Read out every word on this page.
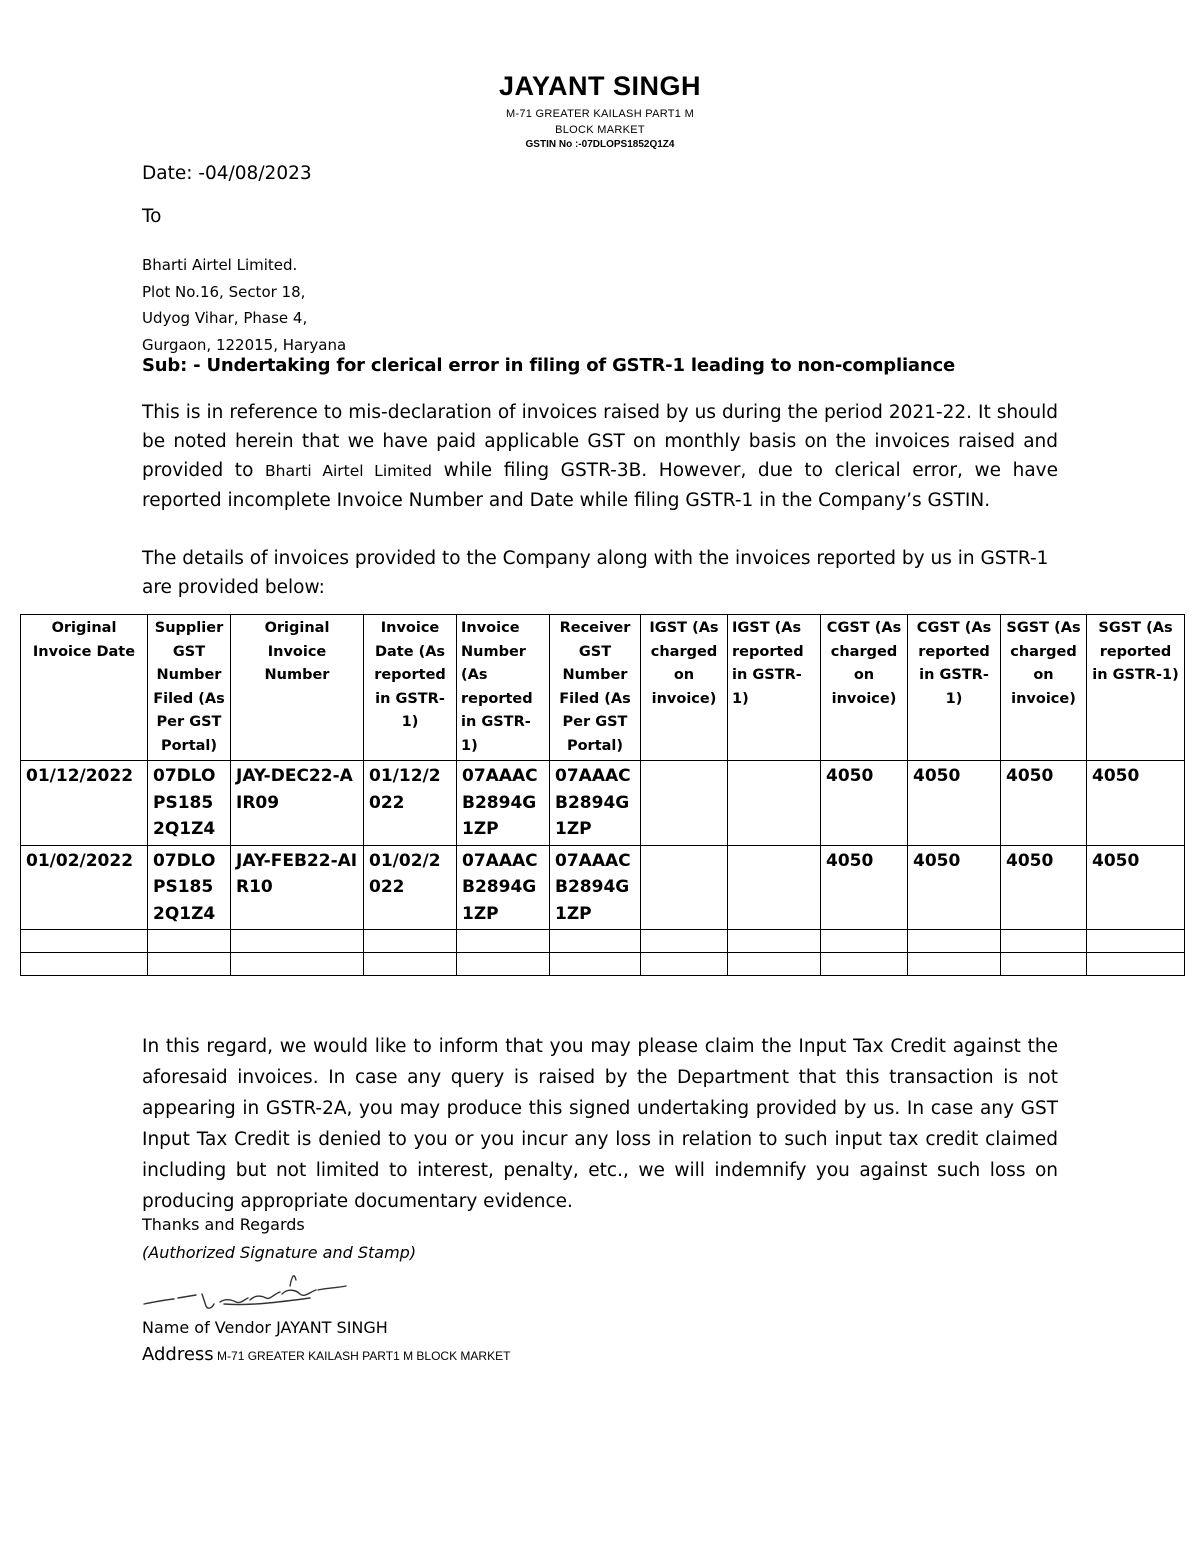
JAYANT SINGH
M-71 GREATER KAILASH PART1 M
BLOCK MARKET
GSTIN No :-07DLOPS1852Q1Z4
Date: -04/08/2023
To
Bharti Airtel Limited.
Plot No.16, Sector 18,
Udyog Vihar, Phase 4,
Gurgaon, 122015, Haryana
Sub: - Undertaking for clerical error in filing of GSTR-1 leading to non-compliance
This is in reference to mis-declaration of invoices raised by us during the period 2021-22. It should be noted herein that we have paid applicable GST on monthly basis on the invoices raised and provided to Bharti Airtel Limited while filing GSTR-3B. However, due to clerical error, we have reported incomplete Invoice Number and Date while filing GSTR-1 in the Company’s GSTIN.
The details of invoices provided to the Company along with the invoices reported by us in GSTR-1 are provided below:
Original Invoice Date	Supplier GST Number Filed (As Per GST Portal)	Original Invoice Number	Invoice Date (As reported in GSTR-1)	Invoice Number (As reported in GSTR-1)	Receiver GST Number Filed (As Per GST Portal)	IGST (As charged on invoice)	IGST (As reported in GSTR-1)	CGST (As charged on invoice)	CGST (As reported in GSTR-1)	SGST (As charged on invoice)	SGST (As reported in GSTR-1)
01/12/2022	07DLOPS1852Q1Z4	JAY-DEC22-AIR09	01/12/2022	07AAACB2894G1ZP	07AAACB2894G1ZP			4050	4050	4050	4050
01/02/2022	07DLOPS1852Q1Z4	JAY-FEB22-AIR10	01/02/2022	07AAACB2894G1ZP	07AAACB2894G1ZP			4050	4050	4050	4050

In this regard, we would like to inform that you may please claim the Input Tax Credit against the aforesaid invoices. In case any query is raised by the Department that this transaction is not appearing in GSTR-2A, you may produce this signed undertaking provided by us. In case any GST Input Tax Credit is denied to you or you incur any loss in relation to such input tax credit claimed including but not limited to interest, penalty, etc., we will indemnify you against such loss on producing appropriate documentary evidence.
Thanks and Regards
(Authorized Signature and Stamp)
Name of Vendor JAYANT SINGH
Address M-71 GREATER KAILASH PART1 M BLOCK MARKET
